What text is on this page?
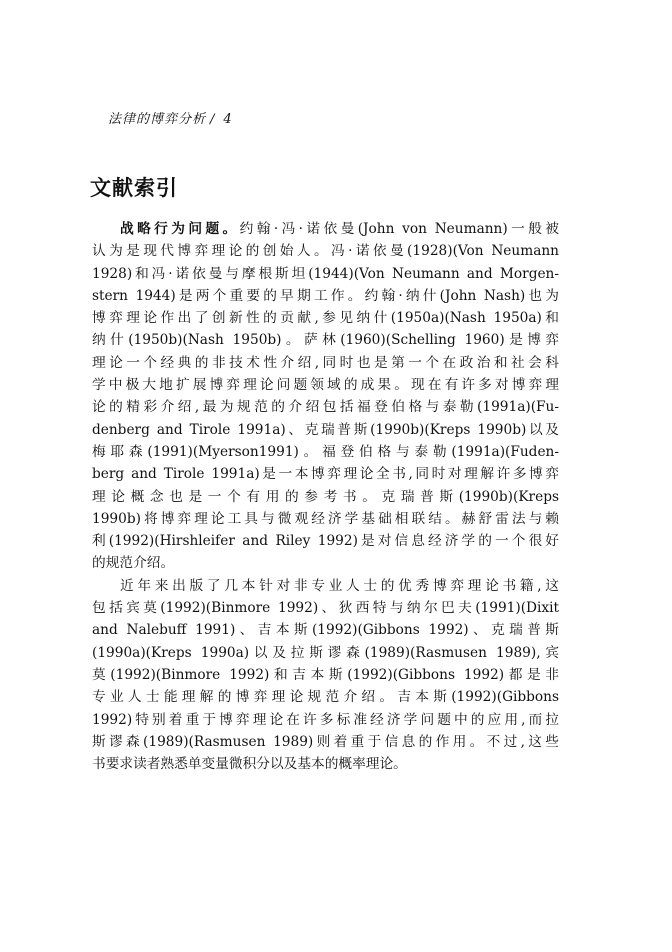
法律的博弈分析 / 4
文献索引
战略行为问题。约翰·冯·诺依曼(John von Neumann)一般被
认为是现代博弈理论的创始人。冯·诺依曼(1928)(Von Neumann
1928)和冯·诺依曼与摩根斯坦(1944)(Von Neumann and Morgen-
stern 1944)是两个重要的早期工作。约翰·纳什(John Nash)也为
博弈理论作出了创新性的贡献,参见纳什(1950a)(Nash 1950a)和
纳什(1950b)(Nash 1950b)。萨林(1960)(Schelling 1960)是博弈
理论一个经典的非技术性介绍,同时也是第一个在政治和社会科
学中极大地扩展博弈理论问题领域的成果。现在有许多对博弈理
论的精彩介绍,最为规范的介绍包括福登伯格与泰勒(1991a)(Fu-
denberg and Tirole 1991a)、克瑞普斯(1990b)(Kreps 1990b)以及
梅耶森(1991)(Myerson1991)。福登伯格与泰勒(1991a)(Fuden-
berg and Tirole 1991a)是一本博弈理论全书,同时对理解许多博弈
理论概念也是一个有用的参考书。克瑞普斯(1990b)(Kreps
1990b)将博弈理论工具与微观经济学基础相联结。赫舒雷法与赖
利(1992)(Hirshleifer and Riley 1992)是对信息经济学的一个很好
的规范介绍。
近年来出版了几本针对非专业人士的优秀博弈理论书籍,这
包括宾莫(1992)(Binmore 1992)、狄西特与纳尔巴夫(1991)(Dixit
and Nalebuff 1991)、吉本斯(1992)(Gibbons 1992)、克瑞普斯
(1990a)(Kreps 1990a)以及拉斯谬森(1989)(Rasmusen 1989),宾
莫(1992)(Binmore 1992)和吉本斯(1992)(Gibbons 1992)都是非
专业人士能理解的博弈理论规范介绍。吉本斯(1992)(Gibbons
1992)特别着重于博弈理论在许多标准经济学问题中的应用,而拉
斯谬森(1989)(Rasmusen 1989)则着重于信息的作用。不过,这些
书要求读者熟悉单变量微积分以及基本的概率理论。
